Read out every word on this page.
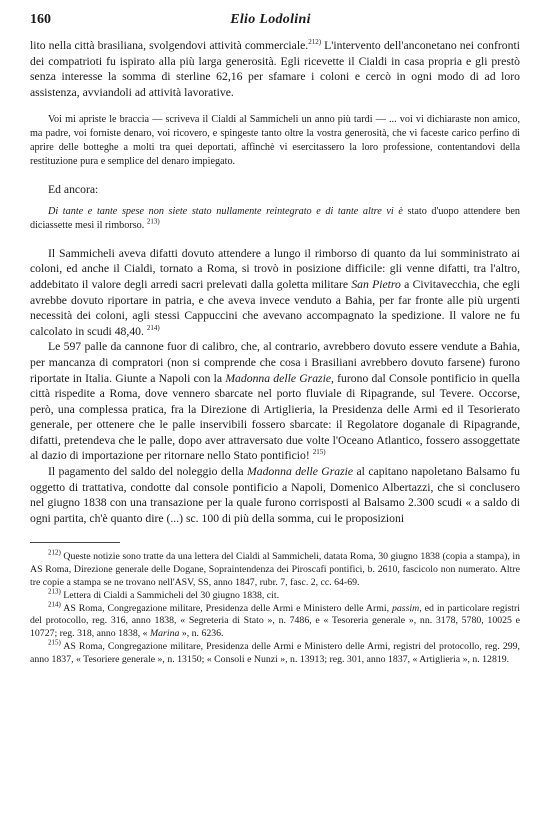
160	Elio Lodolini

lito nella città brasiliana, svolgendovi attività commerciale.$^{212)}$ L'intervento dell'anconetano nei confronti dei compatrioti fu ispirato alla più larga generosità. Egli ricevette il Cialdi in casa propria e gli prestò senza interesse la somma di sterline 62,16 per sfamare i coloni e cercò in ogni modo di ad loro assistenza, avviandoli ad attività lavorative.

Voi mi apriste le braccia — scriveva il Cialdi al Sammicheli un anno più tardi — ... voi vi dichiaraste non amico, ma padre, voi forniste denaro, voi ricovero, e spingeste tanto oltre la vostra generosità, che vi faceste carico perfino di aprire delle botteghe a molti tra quei deportati, affinchè vi esercitassero la loro professione, contentandovi della restituzione pura e semplice del denaro impiegato.

Ed ancora:

Di tante e tante spese non siete stato nullamente reintegrato e di tante altre vi è stato d'uopo attendere ben diciassette mesi il rimborso. $^{213)}$

Il Sammicheli aveva difatti dovuto attendere a lungo il rimborso di quanto da lui somministrato ai coloni, ed anche il Cialdi, tornato a Roma, si trovò in posizione difficile: gli venne difatti, tra l'altro, addebitato il valore degli arredi sacri prelevati dalla goletta militare San Pietro a Civitavecchia, che egli avrebbe dovuto riportare in patria, e che aveva invece venduto a Bahia, per far fronte alle più urgenti necessità dei coloni, agli stessi Cappuccini che avevano accompagnato la spedizione. Il valore ne fu calcolato in scudi 48,40. $^{214)}$

Le 597 palle da cannone fuor di calibro, che, al contrario, avrebbero dovuto essere vendute a Bahia, per mancanza di compratori (non si comprende che cosa i Brasiliani avrebbero dovuto farsene) furono riportate in Italia. Giunte a Napoli con la Madonna delle Grazie, furono dal Console pontificio in quella città rispedite a Roma, dove vennero sbarcate nel porto fluviale di Ripagrande, sul Tevere. Occorse, però, una complessa pratica, fra la Direzione di Artiglieria, la Presidenza delle Armi ed il Tesorierato generale, per ottenere che le palle inservibili fossero sbarcate: il Regolatore doganale di Ripagrande, difatti, pretendeva che le palle, dopo aver attraversato due volte l'Oceano Atlantico, fossero assoggettate al dazio di importazione per ritornare nello Stato pontificio! $^{215)}$

Il pagamento del saldo del noleggio della Madonna delle Grazie al capitano napoletano Balsamo fu oggetto di trattativa, condotte dal console pontificio a Napoli, Domenico Albertazzi, che si conclusero nel giugno 1838 con una transazione per la quale furono corrisposti al Balsamo 2.300 scudi « a saldo di ogni partita, ch'è quanto dire (...) sc. 100 di più della somma, cui le proposizioni

$^{212)}$ Queste notizie sono tratte da una lettera del Cialdi al Sammicheli, datata Roma, 30 giugno 1838 (copia a stampa), in AS Roma, Direzione generale delle Dogane, Sopraintendenza dei Piroscafi pontifici, b. 2610, fascicolo non numerato. Altre tre copie a stampa se ne trovano nell'ASV, SS, anno 1847, rubr. 7, fasc. 2, cc. 64-69.

$^{213)}$ Lettera di Cialdi a Sammicheli del 30 giugno 1838, cit.

$^{214)}$ AS Roma, Congregazione militare, Presidenza delle Armi e Ministero delle Armi, passim, ed in particolare registri del protocollo, reg. 316, anno 1838, « Segreteria di Stato », n. 7486, e « Tesoreria generale », nn. 3178, 5780, 10025 e 10727; reg. 318, anno 1838, « Marina », n. 6236.

$^{215)}$ AS Roma, Congregazione militare, Presidenza delle Armi e Ministero delle Armi, registri del protocollo, reg. 299, anno 1837, « Tesoriere generale », n. 13150; « Consoli e Nunzi », n. 13913; reg. 301, anno 1837, « Artiglieria », n. 12819.
